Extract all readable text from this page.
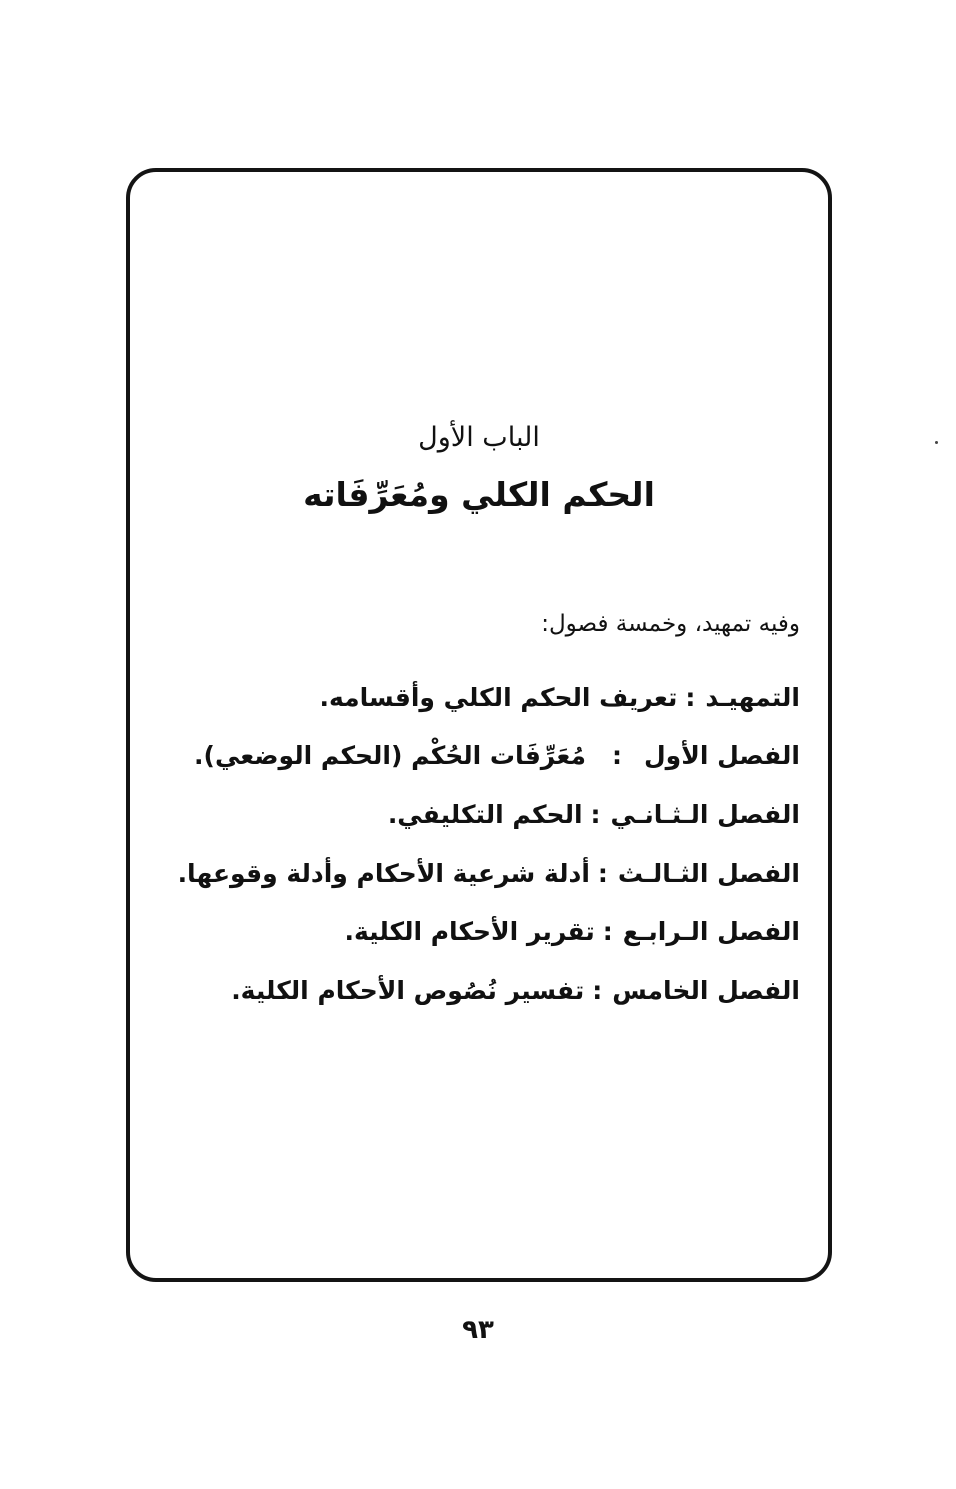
الباب الأول
الحكم الكلي ومُعَرِّفَاته
وفيه تمهيد، وخمسة فصول:
التمهيـد
:
تعريف الحكم الكلي وأقسامه.
الفصل الأول
:
مُعَرِّفَات الحُكْم (الحكم الوضعي).
الفصل الـثـانـي
:
الحكم التكليفي.
الفصل الثـالـث
:
أدلة شرعية الأحكام وأدلة وقوعها.
الفصل الـرابـع
:
تقرير الأحكام الكلية.
الفصل الخامس
:
تفسير نُصُوص الأحكام الكلية.
٩٣
